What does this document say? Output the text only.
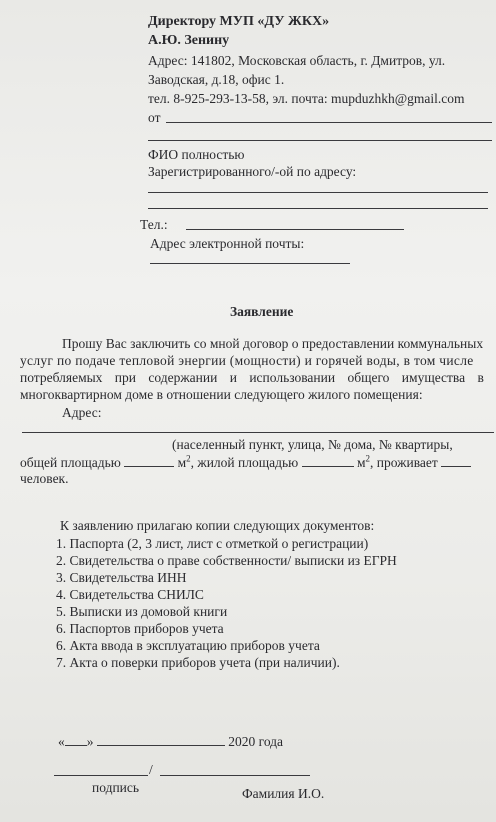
Директору МУП «ДУ ЖКХ»
А.Ю. Зенину
Адрес: 141802, Московская область, г. Дмитров, ул.
Заводская, д.18, офис 1.
тел. 8-925-293-13-58, эл. почта: mupduzhkh@gmail.com
от
ФИО полностью
Зарегистрированного/-ой по адресу:
Тел.:
Адрес электронной почты:
Заявление
Прошу Вас заключить со мной договор о предоставлении коммунальных
услуг по подаче тепловой энергии (мощности) и горячей воды, в том числе
потребляемых при содержании и использовании общего имущества в
многоквартирном доме в отношении следующего жилого помещения:
Адрес:
(населенный пункт, улица, № дома, № квартиры,
общей площадью	$м^2$, жилой площадью	$м^2$, проживает
человек.
К заявлению прилагаю копии следующих документов:
1. Паспорта (2, 3 лист, лист с отметкой о регистрации)
2. Свидетельства о праве собственности/ выписки из ЕГРН
3. Свидетельства ИНН
4. Свидетельства СНИЛС
5. Выписки из домовой книги
6. Паспортов приборов учета
6. Акта ввода в эксплуатацию приборов учета
7. Акта о поверки приборов учета (при наличии).
« »	2020 года
/
подпись	Фамилия И.О.
